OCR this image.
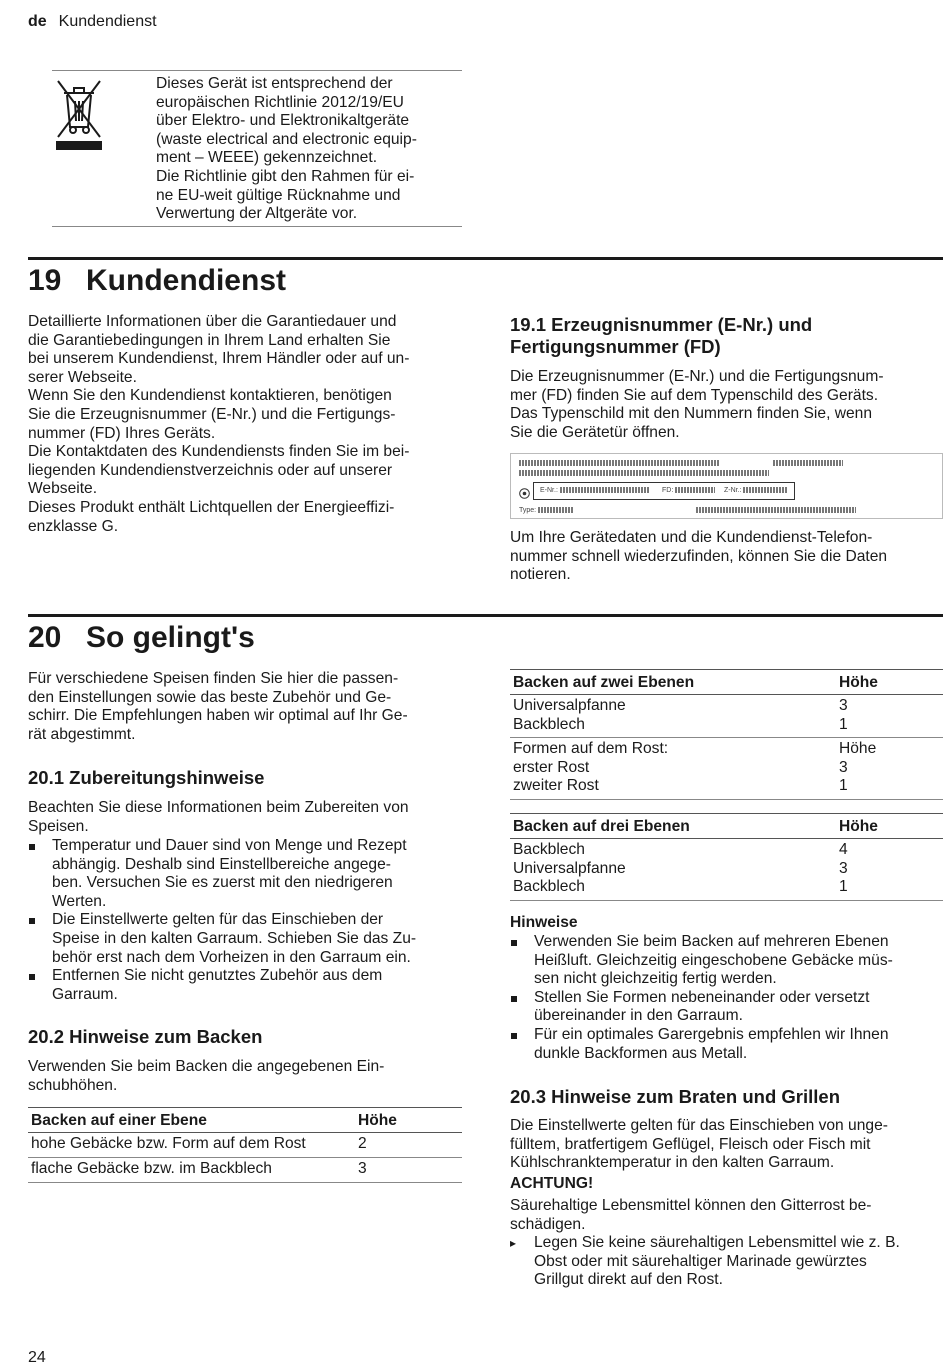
de Kundendienst
Dieses Gerät ist entsprechend der
europäischen Richtlinie 2012/19/EU
über Elektro- und Elektronikaltgeräte
(waste electrical and electronic equip-
ment – WEEE) gekennzeichnet.
Die Richtlinie gibt den Rahmen für ei-
ne EU-weit gültige Rücknahme und
Verwertung der Altgeräte vor.
19 Kundendienst
Detaillierte Informationen über die Garantiedauer und
die Garantiebedingungen in Ihrem Land erhalten Sie
bei unserem Kundendienst, Ihrem Händler oder auf un-
serer Webseite.
Wenn Sie den Kundendienst kontaktieren, benötigen
Sie die Erzeugnisnummer (E-Nr.) und die Fertigungs-
nummer (FD) Ihres Geräts.
Die Kontaktdaten des Kundendiensts finden Sie im bei-
liegenden Kundendienstverzeichnis oder auf unserer
Webseite.
Dieses Produkt enthält Lichtquellen der Energieeffizi-
enzklasse G.
19.1 Erzeugnisnummer (E-Nr.) und
Fertigungsnummer (FD)
Die Erzeugnisnummer (E-Nr.) und die Fertigungsnum-
mer (FD) finden Sie auf dem Typenschild des Geräts.
Das Typenschild mit den Nummern finden Sie, wenn
Sie die Gerätetür öffnen.
E-Nr.:	FD:	Z-Nr.:
Type:
Um Ihre Gerätedaten und die Kundendienst-Telefon-
nummer schnell wiederzufinden, können Sie die Daten
notieren.
20 So gelingt's
Für verschiedene Speisen finden Sie hier die passen-
den Einstellungen sowie das beste Zubehör und Ge-
schirr. Die Empfehlungen haben wir optimal auf Ihr Ge-
rät abgestimmt.
20.1 Zubereitungshinweise
Beachten Sie diese Informationen beim Zubereiten von
Speisen.
Temperatur und Dauer sind von Menge und Rezept
abhängig. Deshalb sind Einstellbereiche angege-
ben. Versuchen Sie es zuerst mit den niedrigeren
Werten.
Die Einstellwerte gelten für das Einschieben der
Speise in den kalten Garraum. Schieben Sie das Zu-
behör erst nach dem Vorheizen in den Garraum ein.
Entfernen Sie nicht genutztes Zubehör aus dem
Garraum.
20.2 Hinweise zum Backen
Verwenden Sie beim Backen die angegebenen Ein-
schubhöhen.
Backen auf einer Ebene	Höhe
hohe Gebäcke bzw. Form auf dem Rost	2
flache Gebäcke bzw. im Backblech	3
Backen auf zwei Ebenen	Höhe
Universalpfanne	3
Backblech	1
Formen auf dem Rost:	Höhe
erster Rost	3
zweiter Rost	1
Backen auf drei Ebenen	Höhe
Backblech	4
Universalpfanne	3
Backblech	1
Hinweise
Verwenden Sie beim Backen auf mehreren Ebenen
Heißluft. Gleichzeitig eingeschobene Gebäcke müs-
sen nicht gleichzeitig fertig werden.
Stellen Sie Formen nebeneinander oder versetzt
übereinander in den Garraum.
Für ein optimales Garergebnis empfehlen wir Ihnen
dunkle Backformen aus Metall.
20.3 Hinweise zum Braten und Grillen
Die Einstellwerte gelten für das Einschieben von unge-
fülltem, bratfertigem Geflügel, Fleisch oder Fisch mit
Kühlschranktemperatur in den kalten Garraum.
ACHTUNG!
Säurehaltige Lebensmittel können den Gitterrost be-
schädigen.
▸ Legen Sie keine säurehaltigen Lebensmittel wie z. B.
Obst oder mit säurehaltiger Marinade gewürztes
Grillgut direkt auf den Rost.
24
